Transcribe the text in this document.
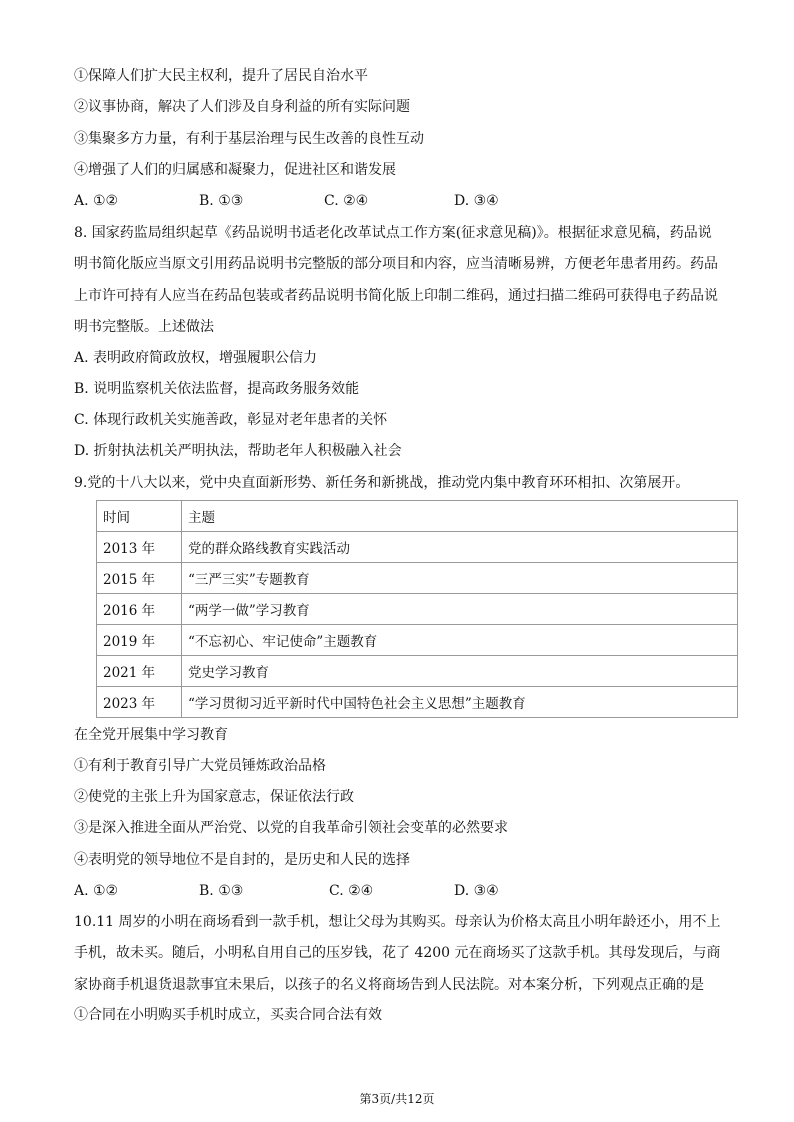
①保障人们扩大民主权利，提升了居民自治水平
②议事协商，解决了人们涉及自身利益的所有实际问题
③集聚多方力量，有利于基层治理与民生改善的良性互动
④增强了人们的归属感和凝聚力，促进社区和谐发展
A. ①②	B. ①③	C. ②④	D. ③④
8. 国家药监局组织起草《药品说明书适老化改革试点工作方案(征求意见稿)》。根据征求意见稿，药品说
明书简化版应当原文引用药品说明书完整版的部分项目和内容，应当清晰易辨，方便老年患者用药。药品
上市许可持有人应当在药品包装或者药品说明书简化版上印制二维码，通过扫描二维码可获得电子药品说
明书完整版。上述做法
A. 表明政府简政放权，增强履职公信力
B. 说明监察机关依法监督，提高政务服务效能
C. 体现行政机关实施善政，彰显对老年患者的关怀
D. 折射执法机关严明执法，帮助老年人积极融入社会
9.党的十八大以来，党中央直面新形势、新任务和新挑战，推动党内集中教育环环相扣、次第展开。
时间	主题
2013 年	党的群众路线教育实践活动
2015 年	“三严三实”专题教育
2016 年	“两学一做”学习教育
2019 年	“不忘初心、牢记使命”主题教育
2021 年	党史学习教育
2023 年	“学习贯彻习近平新时代中国特色社会主义思想”主题教育
在全党开展集中学习教育
①有利于教育引导广大党员锤炼政治品格
②使党的主张上升为国家意志，保证依法行政
③是深入推进全面从严治党、以党的自我革命引领社会变革的必然要求
④表明党的领导地位不是自封的，是历史和人民的选择
A. ①②	B. ①③	C. ②④	D. ③④
10.11 周岁的小明在商场看到一款手机，想让父母为其购买。母亲认为价格太高且小明年龄还小，用不上
手机，故未买。随后，小明私自用自己的压岁钱，花了 4200 元在商场买了这款手机。其母发现后，与商
家协商手机退货退款事宜未果后，以孩子的名义将商场告到人民法院。对本案分析，下列观点正确的是
①合同在小明购买手机时成立，买卖合同合法有效
第3页/共12页
